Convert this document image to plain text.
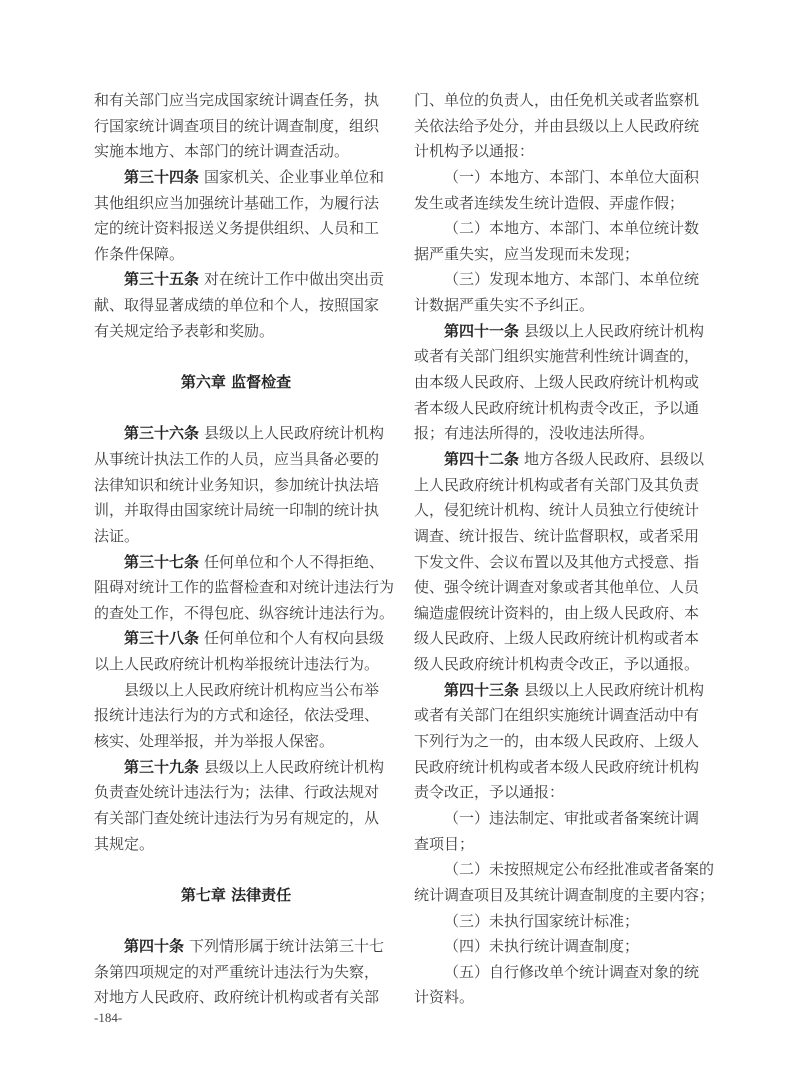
和有关部门应当完成国家统计调查任务，执
行国家统计调查项目的统计调查制度，组织
实施本地方、本部门的统计调查活动。
第三十四条 国家机关、企业事业单位和
其他组织应当加强统计基础工作，为履行法
定的统计资料报送义务提供组织、人员和工
作条件保障。
第三十五条 对在统计工作中做出突出贡
献、取得显著成绩的单位和个人，按照国家
有关规定给予表彰和奖励。
第六章 监督检查
第三十六条 县级以上人民政府统计机构
从事统计执法工作的人员，应当具备必要的
法律知识和统计业务知识，参加统计执法培
训，并取得由国家统计局统一印制的统计执
法证。
第三十七条 任何单位和个人不得拒绝、
阻碍对统计工作的监督检查和对统计违法行为
的查处工作，不得包庇、纵容统计违法行为。
第三十八条 任何单位和个人有权向县级
以上人民政府统计机构举报统计违法行为。
县级以上人民政府统计机构应当公布举
报统计违法行为的方式和途径，依法受理、
核实、处理举报，并为举报人保密。
第三十九条 县级以上人民政府统计机构
负责查处统计违法行为；法律、行政法规对
有关部门查处统计违法行为另有规定的，从
其规定。
第七章 法律责任
第四十条 下列情形属于统计法第三十七
条第四项规定的对严重统计违法行为失察，
对地方人民政府、政府统计机构或者有关部
门、单位的负责人，由任免机关或者监察机
关依法给予处分，并由县级以上人民政府统
计机构予以通报：
（一）本地方、本部门、本单位大面积
发生或者连续发生统计造假、弄虚作假；
（二）本地方、本部门、本单位统计数
据严重失实，应当发现而未发现；
（三）发现本地方、本部门、本单位统
计数据严重失实不予纠正。
第四十一条 县级以上人民政府统计机构
或者有关部门组织实施营利性统计调查的，
由本级人民政府、上级人民政府统计机构或
者本级人民政府统计机构责令改正，予以通
报；有违法所得的，没收违法所得。
第四十二条 地方各级人民政府、县级以
上人民政府统计机构或者有关部门及其负责
人，侵犯统计机构、统计人员独立行使统计
调查、统计报告、统计监督职权，或者采用
下发文件、会议布置以及其他方式授意、指
使、强令统计调查对象或者其他单位、人员
编造虚假统计资料的，由上级人民政府、本
级人民政府、上级人民政府统计机构或者本
级人民政府统计机构责令改正，予以通报。
第四十三条 县级以上人民政府统计机构
或者有关部门在组织实施统计调查活动中有
下列行为之一的，由本级人民政府、上级人
民政府统计机构或者本级人民政府统计机构
责令改正，予以通报：
（一）违法制定、审批或者备案统计调
查项目；
（二）未按照规定公布经批准或者备案的
统计调查项目及其统计调查制度的主要内容；
（三）未执行国家统计标准；
（四）未执行统计调查制度；
（五）自行修改单个统计调查对象的统
计资料。
-184-
